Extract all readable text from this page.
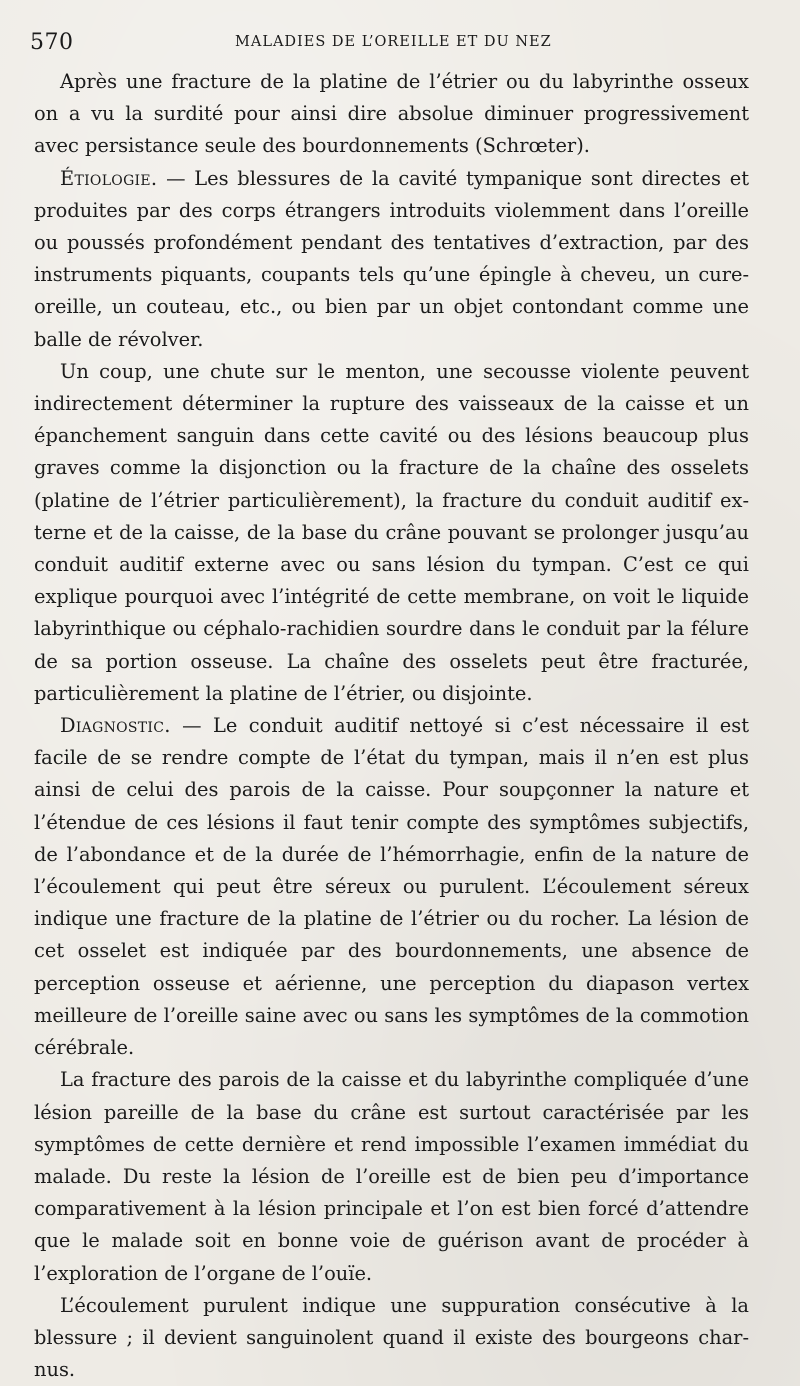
570	MALADIES DE L’OREILLE ET DU NEZ

Après une fracture de la platine de l’étrier ou du labyrinthe osseux on a vu la surdité pour ainsi dire absolue diminuer progressivement avec persistance seule des bourdonnements (Schrœter).

Étiologie. — Les blessures de la cavité tympanique sont directes et produites par des corps étrangers introduits violemment dans l’oreille ou poussés profondément pendant des tentatives d’extraction, par des instruments piquants, coupants tels qu’une épingle à cheveu, un cure-oreille, un couteau, etc., ou bien par un objet contondant comme une balle de révolver.

Un coup, une chute sur le menton, une secousse violente peuvent indirectement déterminer la rupture des vaisseaux de la caisse et un épanchement sanguin dans cette cavité ou des lésions beaucoup plus graves comme la disjonction ou la fracture de la chaîne des osselets (platine de l’étrier particulièrement), la fracture du conduit auditif externe et de la caisse, de la base du crâne pouvant se prolonger jusqu’au conduit auditif externe avec ou sans lésion du tympan. C’est ce qui explique pourquoi avec l’intégrité de cette membrane, on voit le liquide labyrinthique ou céphalo-rachidien sourdre dans le conduit par la félure de sa portion osseuse. La chaîne des osselets peut être fracturée, particulièrement la platine de l’étrier, ou disjointe.

Diagnostic. — Le conduit auditif nettoyé si c’est nécessaire il est facile de se rendre compte de l’état du tympan, mais il n’en est plus ainsi de celui des parois de la caisse. Pour soupçonner la nature et l’étendue de ces lésions il faut tenir compte des symptômes subjectifs, de l’abondance et de la durée de l’hémorrhagie, enfin de la nature de l’écoulement qui peut être séreux ou purulent. L’écoulement séreux indique une fracture de la platine de l’étrier ou du rocher. La lésion de cet osselet est indiquée par des bourdonnements, une absence de perception osseuse et aérienne, une perception du diapason vertex meilleure de l’oreille saine avec ou sans les symptômes de la commotion cérébrale.

La fracture des parois de la caisse et du labyrinthe compliquée d’une lésion pareille de la base du crâne est surtout caractérisée par les symptômes de cette dernière et rend impossible l’examen immédiat du malade. Du reste la lésion de l’oreille est de bien peu d’importance comparativement à la lésion principale et l’on est bien forcé d’attendre que le malade soit en bonne voie de guérison avant de procéder à l’exploration de l’organe de l’ouïe.

L’écoulement purulent indique une suppuration consécutive à la blessure ; il devient sanguinolent quand il existe des bourgeons charnus.
